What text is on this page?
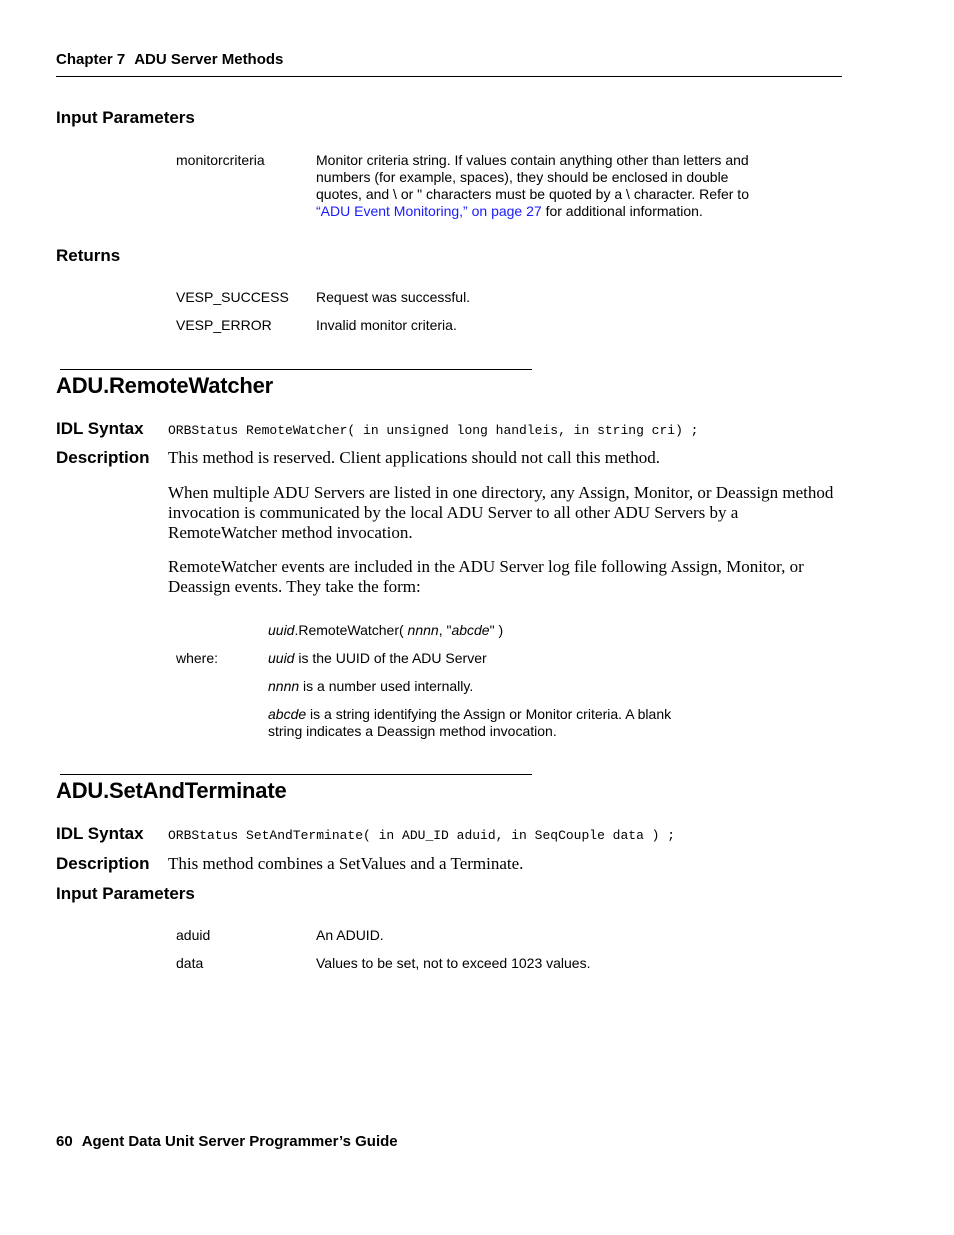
Chapter 7 ADU Server Methods
Input Parameters
monitorcriteria	Monitor criteria string. If values contain anything other than letters and
numbers (for example, spaces), they should be enclosed in double
quotes, and \ or " characters must be quoted by a \ character. Refer to
“ADU Event Monitoring,” on page 27 for additional information.
Returns
VESP_SUCCESS Request was successful.
VESP_ERROR	Invalid monitor criteria.
ADU.RemoteWatcher
IDL Syntax ORBStatus RemoteWatcher( in unsigned long handleis, in string cri) ;
Description This method is reserved. Client applications should not call this method.
When multiple ADU Servers are listed in one directory, any Assign, Monitor, or Deassign method
invocation is communicated by the local ADU Server to all other ADU Servers by a
RemoteWatcher method invocation.
RemoteWatcher events are included in the ADU Server log file following Assign, Monitor, or
Deassign events. They take the form:
uuid.RemoteWatcher( nnnn, "abcde" )
where:	uuid is the UUID of the ADU Server
nnnn is a number used internally.
abcde is a string identifying the Assign or Monitor criteria. A blank
string indicates a Deassign method invocation.
ADU.SetAndTerminate
IDL Syntax ORBStatus SetAndTerminate( in ADU_ID aduid, in SeqCouple data ) ;
Description This method combines a SetValues and a Terminate.
Input Parameters
aduid	An ADUID.
data	Values to be set, not to exceed 1023 values.
60 Agent Data Unit Server Programmer’s Guide
